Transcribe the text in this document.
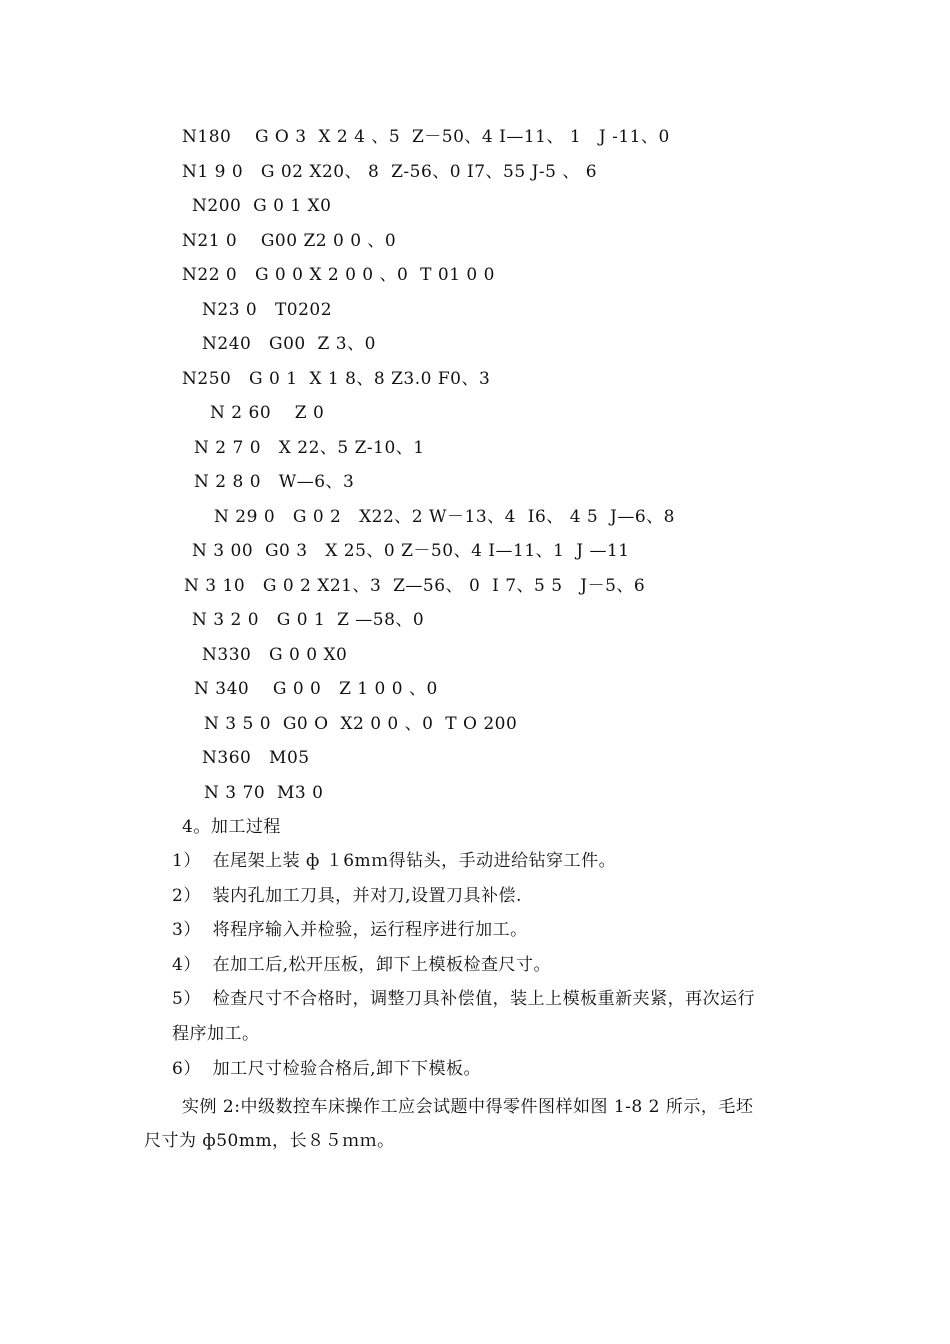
N180    G O 3  X 2 4 、5  Z－50、4 I—11、 1   J -11、0
N1 9 0   G 02 X20、 8  Z-56、0 I7、55 J-5 、 6
N200  G 0 1 X0
N21 0    G00 Z2 0 0 、0
N22 0   G 0 0 X 2 0 0 、0  T 01 0 0
N23 0   T0202
N240   G00  Z 3、0
N250   G 0 1  X 1 8、8 Z3.0 F0、3
N 2 60    Z 0
N 2 7 0   X 22、5 Z-10、1
N 2 8 0   W—6、3
N 29 0   G 0 2   X22、2 W－13、4  I6、 4 5  J—6、8
N 3 00  G0 3   X 25、0 Z－50、4 I—11、1  J —11
N 3 10   G 0 2 X21、3  Z—56、 0  I 7、5 5   J－5、6
N 3 2 0   G 0 1  Z —58、0
N330   G 0 0 X0
N 340    G 0 0   Z 1 0 0 、0
N 3 5 0  G0 O  X2 0 0 、0  T O 200
N360   M05
N 3 70  M3 0
4。加工过程
1）  在尾架上装 ф １6mｍ得钻头，手动进给钻穿工件。
2）  装内孔加工刀具，并对刀,设置刀具补偿.
3）  将程序输入并检验，运行程序进行加工。
4）  在加工后,松开压板，卸下上模板检查尺寸。
5）  检查尺寸不合格时，调整刀具补偿值，装上上模板重新夹紧，再次运行
程序加工。
6）  加工尺寸检验合格后,卸下下模板。
实例 2:中级数控车床操作工应会试题中得零件图样如图 1-8 2 所示，毛坯
尺寸为 ф50mm，长８５ｍｍ。
